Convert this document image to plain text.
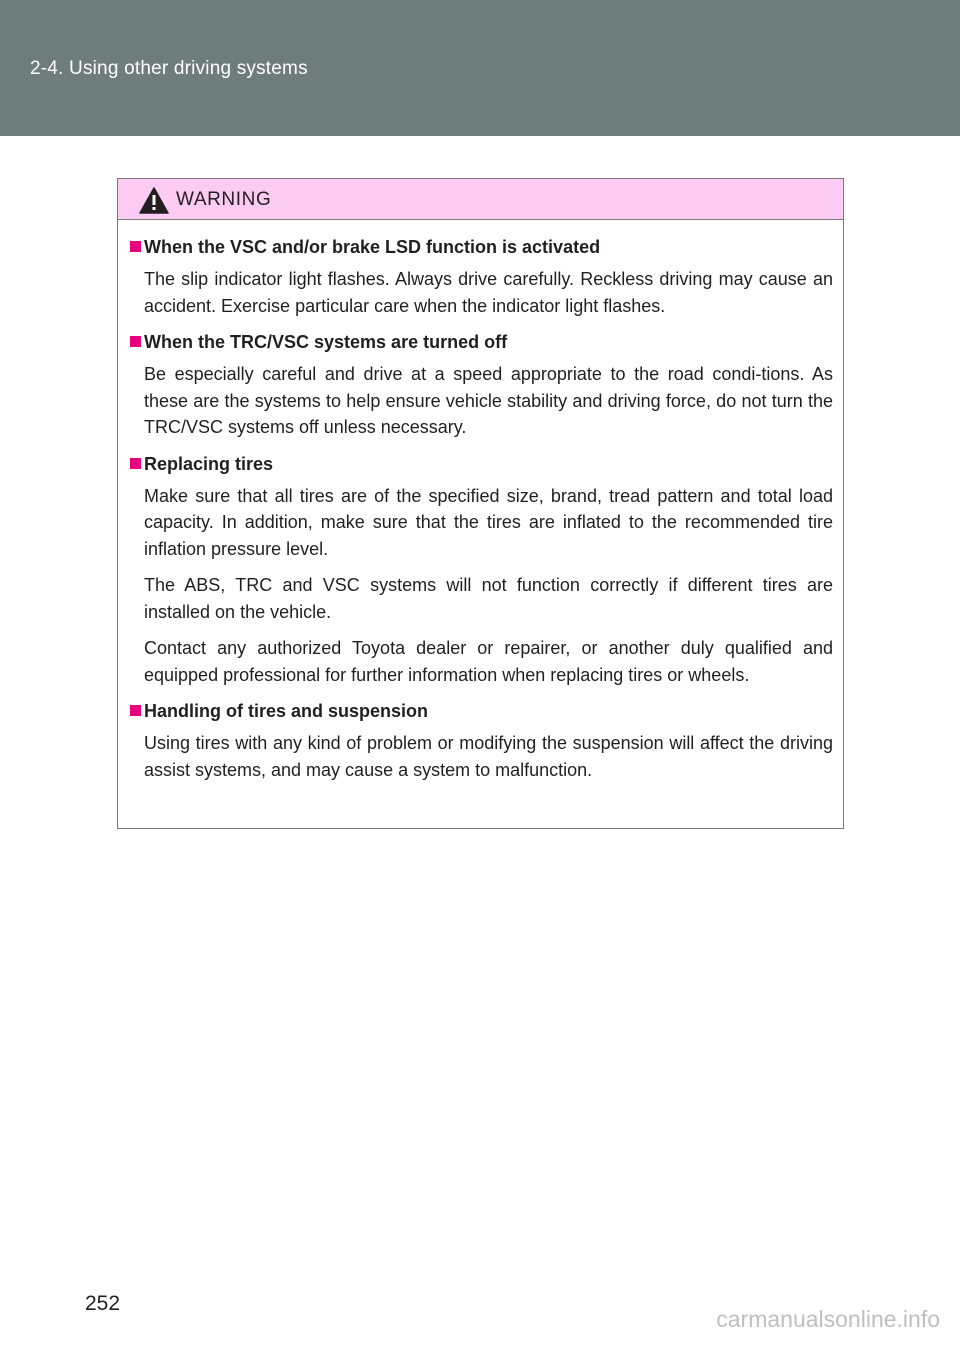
2-4. Using other driving systems
WARNING
When the VSC and/or brake LSD function is activated
The slip indicator light flashes. Always drive carefully. Reckless driving may cause an accident. Exercise particular care when the indicator light flashes.
When the TRC/VSC systems are turned off
Be especially careful and drive at a speed appropriate to the road condi-tions. As these are the systems to help ensure vehicle stability and driving force, do not turn the TRC/VSC systems off unless necessary.
Replacing tires
Make sure that all tires are of the specified size, brand, tread pattern and total load capacity. In addition, make sure that the tires are inflated to the recommended tire inflation pressure level.
The ABS, TRC and VSC systems will not function correctly if different tires are installed on the vehicle.
Contact any authorized Toyota dealer or repairer, or another duly qualified and equipped professional for further information when replacing tires or wheels.
Handling of tires and suspension
Using tires with any kind of problem or modifying the suspension will affect the driving assist systems, and may cause a system to malfunction.
252
carmanualsonline.info
